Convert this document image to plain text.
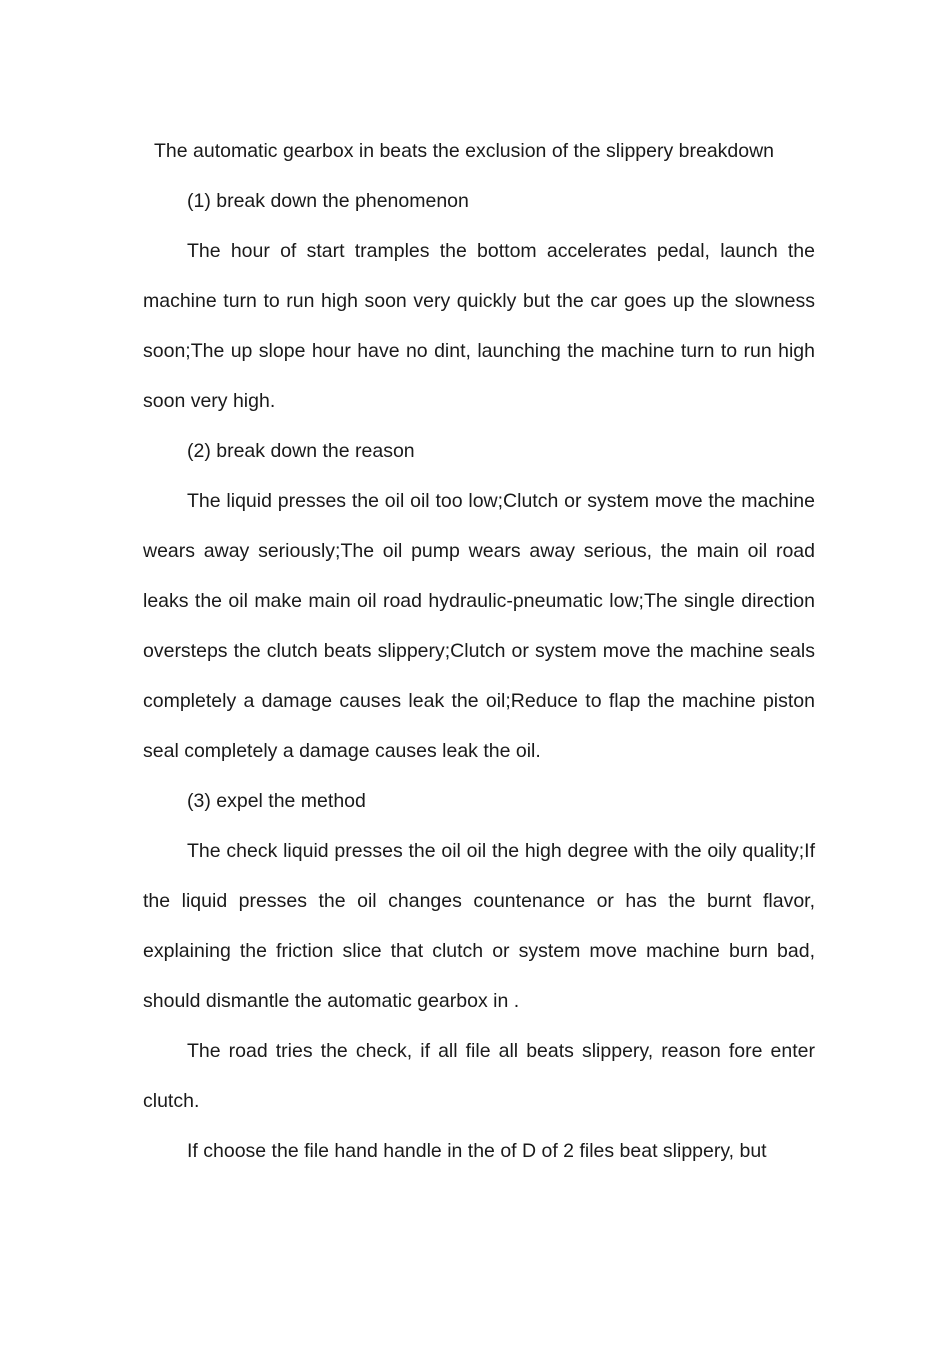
The automatic gearbox in beats the exclusion of the slippery breakdown

(1) break down the phenomenon

The hour of start tramples the bottom accelerates pedal, launch the machine turn to run high soon very quickly but the car goes up the slowness soon;The up slope hour have no dint, launching the machine turn to run high soon very high.

(2) break down the reason

The liquid presses the oil oil too low;Clutch or system move the machine wears away seriously;The oil pump wears away serious, the main oil road leaks the oil make main oil road hydraulic-pneumatic low;The single direction oversteps the clutch beats slippery;Clutch or system move the machine seals completely a damage causes leak the oil;Reduce to flap the machine piston seal completely a damage causes leak the oil.

(3) expel the method

The check liquid presses the oil oil the high degree with the oily quality;If the liquid presses the oil changes countenance or has the burnt flavor, explaining the friction slice that clutch or system move machine burn bad, should dismantle the automatic gearbox in .

The road tries the check, if all file all beats slippery, reason fore enter clutch.

If choose the file hand handle in the of D of 2 files beat slippery, but
